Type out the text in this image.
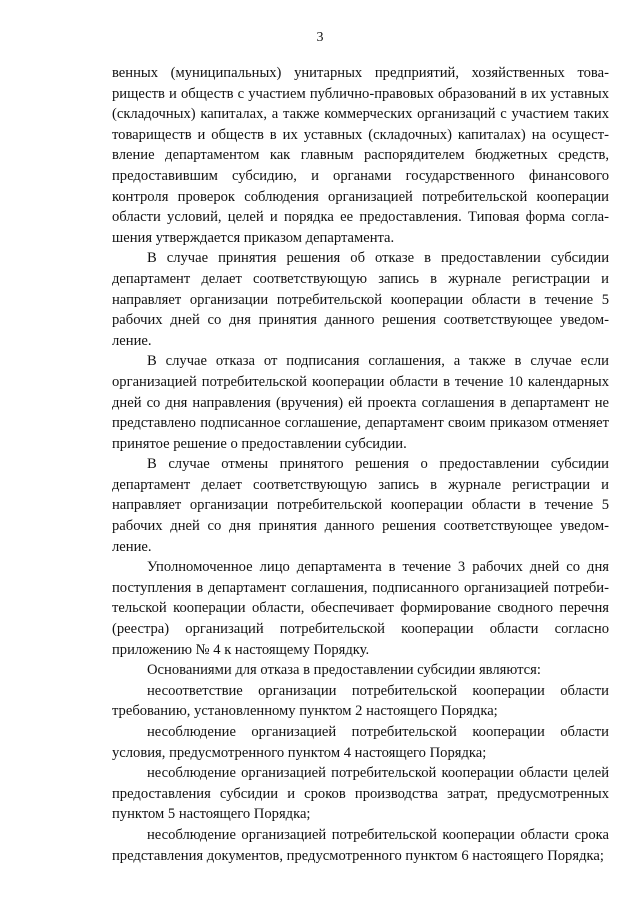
3

венных (муниципальных) унитарных предприятий, хозяйственных товариществ и обществ с участием публично-правовых образований в их уставных (складочных) капиталах, а также коммерческих организаций с участием таких товариществ и обществ в их уставных (складочных) капиталах) на осуществление департаментом как главным распорядителем бюджетных средств, предоставившим субсидию, и органами государственного финансового контроля проверок соблюдения организацией потребительской кооперации области условий, целей и порядка ее предоставления. Типовая форма соглашения утверждается приказом департамента.

В случае принятия решения об отказе в предоставлении субсидии департамент делает соответствующую запись в журнале регистрации и направляет организации потребительской кооперации области в течение 5 рабочих дней со дня принятия данного решения соответствующее уведомление.

В случае отказа от подписания соглашения, а также в случае если организацией потребительской кооперации области в течение 10 календарных дней со дня направления (вручения) ей проекта соглашения в департамент не представлено подписанное соглашение, департамент своим приказом отменяет принятое решение о предоставлении субсидии.

В случае отмены принятого решения о предоставлении субсидии департамент делает соответствующую запись в журнале регистрации и направляет организации потребительской кооперации области в течение 5 рабочих дней со дня принятия данного решения соответствующее уведомление.

Уполномоченное лицо департамента в течение 3 рабочих дней со дня поступления в департамент соглашения, подписанного организацией потребительской кооперации области, обеспечивает формирование сводного перечня (реестра) организаций потребительской кооперации области согласно приложению № 4 к настоящему Порядку.

Основаниями для отказа в предоставлении субсидии являются:

несоответствие организации потребительской кооперации области требованию, установленному пунктом 2 настоящего Порядка;

несоблюдение организацией потребительской кооперации области условия, предусмотренного пунктом 4 настоящего Порядка;

несоблюдение организацией потребительской кооперации области целей предоставления субсидии и сроков производства затрат, предусмотренных пунктом 5 настоящего Порядка;

несоблюдение организацией потребительской кооперации области срока представления документов, предусмотренного пунктом 6 настоящего Порядка;
